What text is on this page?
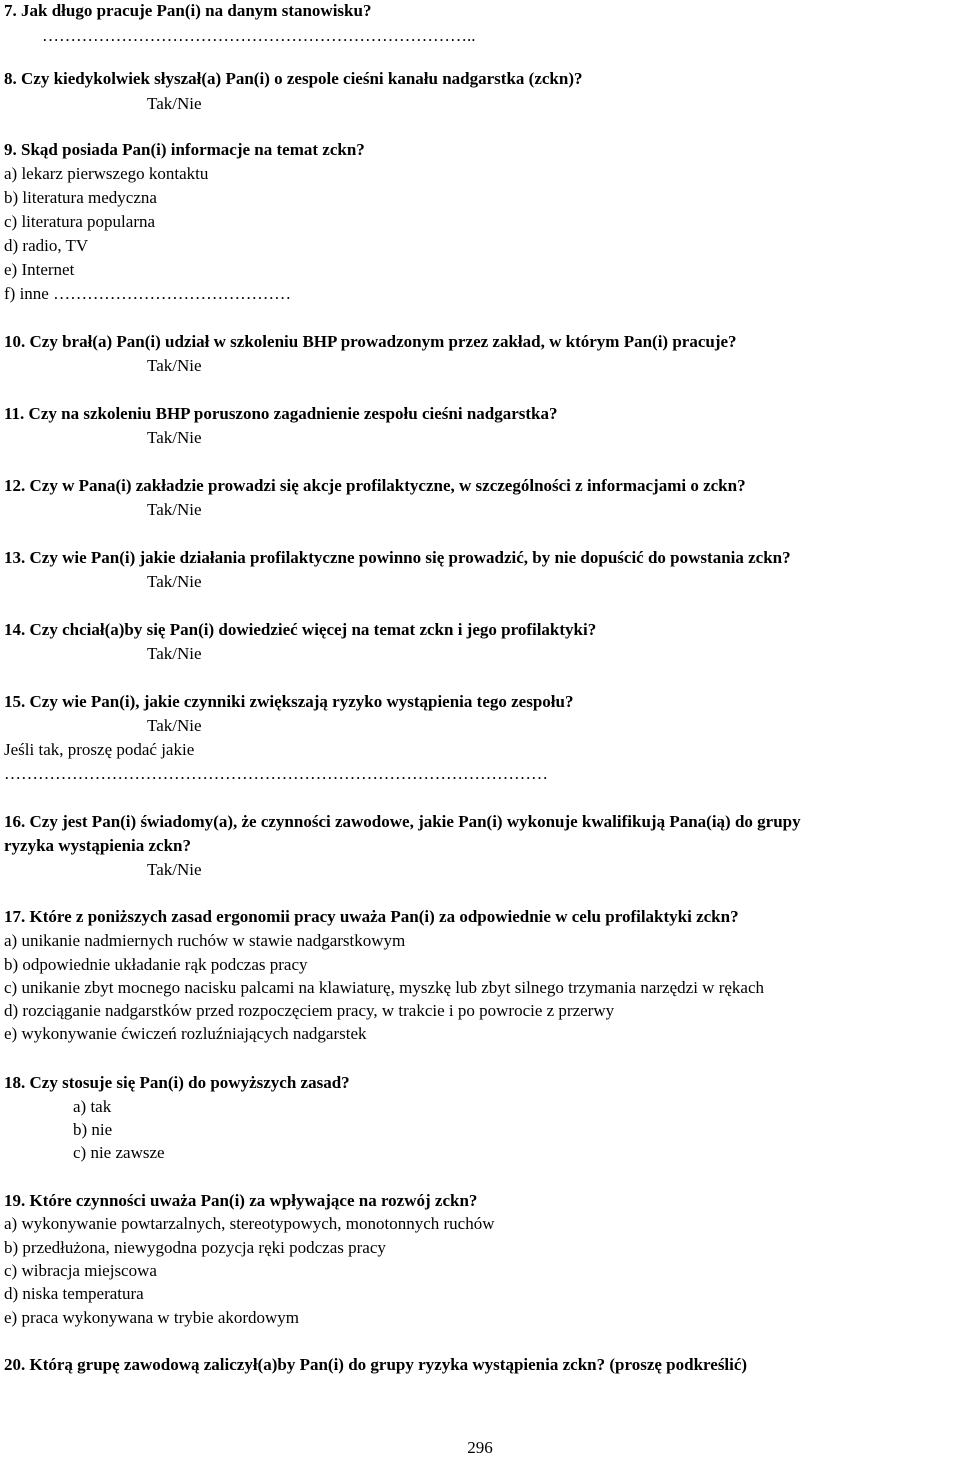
7. Jak długo pracuje Pan(i) na danym stanowisku?
…………………………………………………………………..
8. Czy kiedykolwiek słyszał(a) Pan(i) o zespole cieśni kanału nadgarstka (zckn)?
Tak/Nie
9. Skąd posiada Pan(i) informacje na temat zckn?
a) lekarz pierwszego kontaktu
b) literatura medyczna
c) literatura popularna
d) radio, TV
e) Internet
f) inne ……………………………………
10. Czy brał(a) Pan(i) udział w szkoleniu BHP prowadzonym przez zakład, w którym Pan(i) pracuje?
Tak/Nie
11. Czy na szkoleniu BHP poruszono zagadnienie zespołu cieśni nadgarstka?
Tak/Nie
12. Czy w Pana(i) zakładzie prowadzi się akcje profilaktyczne, w szczególności z informacjami o zckn?
Tak/Nie
13. Czy wie Pan(i) jakie działania profilaktyczne powinno się prowadzić, by nie dopuścić do powstania zckn?
Tak/Nie
14. Czy chciał(a)by się Pan(i) dowiedzieć więcej na temat zckn i jego profilaktyki?
Tak/Nie
15. Czy wie Pan(i), jakie czynniki zwiększają ryzyko wystąpienia tego zespołu?
Tak/Nie
Jeśli tak, proszę podać jakie
……………………………………………………………………………………
16. Czy jest Pan(i) świadomy(a), że czynności zawodowe, jakie Pan(i) wykonuje kwalifikują Pana(ią) do grupy
ryzyka wystąpienia zckn?
Tak/Nie
17. Które z poniższych zasad ergonomii pracy uważa Pan(i) za odpowiednie w celu profilaktyki zckn?
a) unikanie nadmiernych ruchów w stawie nadgarstkowym
b) odpowiednie układanie rąk podczas pracy
c) unikanie zbyt mocnego nacisku palcami na klawiaturę, myszkę lub zbyt silnego trzymania narzędzi w rękach
d) rozciąganie nadgarstków przed rozpoczęciem pracy, w trakcie i po powrocie z przerwy
e) wykonywanie ćwiczeń rozluźniających nadgarstek
18. Czy stosuje się Pan(i) do powyższych zasad?
a) tak
b) nie
c) nie zawsze
19. Które czynności uważa Pan(i) za wpływające na rozwój zckn?
a) wykonywanie powtarzalnych, stereotypowych, monotonnych ruchów
b) przedłużona, niewygodna pozycja ręki podczas pracy
c) wibracja miejscowa
d) niska temperatura
e) praca wykonywana w trybie akordowym
20. Którą grupę zawodową zaliczył(a)by Pan(i) do grupy ryzyka wystąpienia zckn? (proszę podkreślić)
296
